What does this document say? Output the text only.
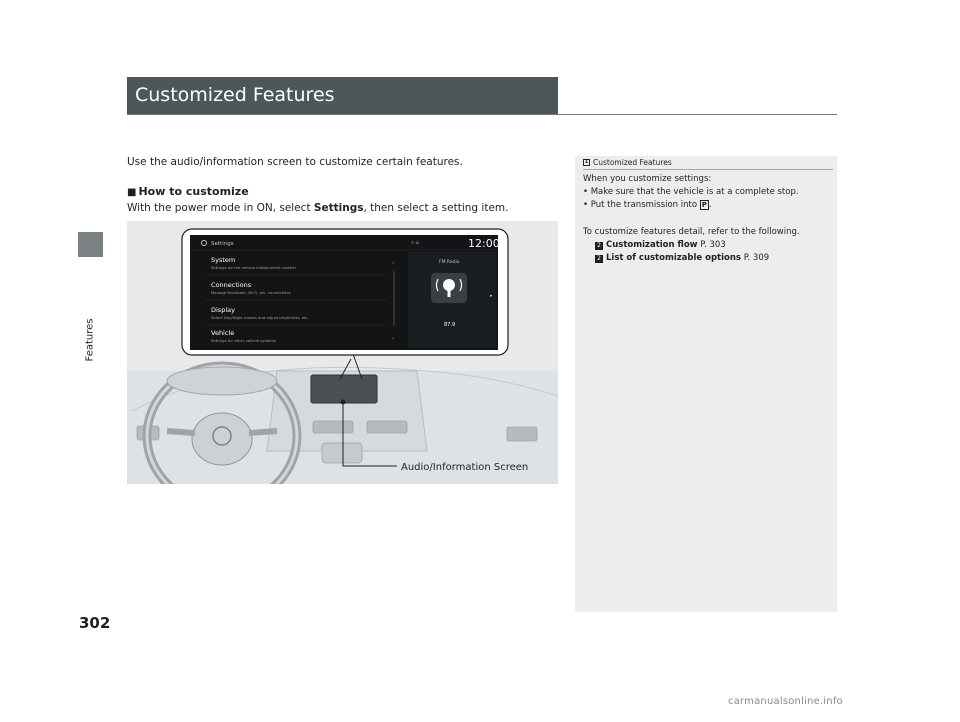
Features
302
Customized Features

Use the audio/information screen to customize certain features.

■ How to customize

With the power mode in ON, select Settings, then select a setting item.

Audio/Information Screen
Settings	⚲ ◂)	12:00
System
Settings for the vehicle infotainment system
Connections
Manage Bluetooth, Wi-Fi, etc. connections
Display
Select Day/Night modes and adjust brightness, etc.
Vehicle
Settings for other vehicle systems
⌃
⌄
FM Radio
87.9
▸
1 Customized Features
When you customize settings:
• Make sure that the vehicle is at a complete stop.
• Put the transmission into P .
To customize features detail, refer to the following.
2 Customization flow P. 303
2 List of customizable options P. 309
carmanualsonline.info
